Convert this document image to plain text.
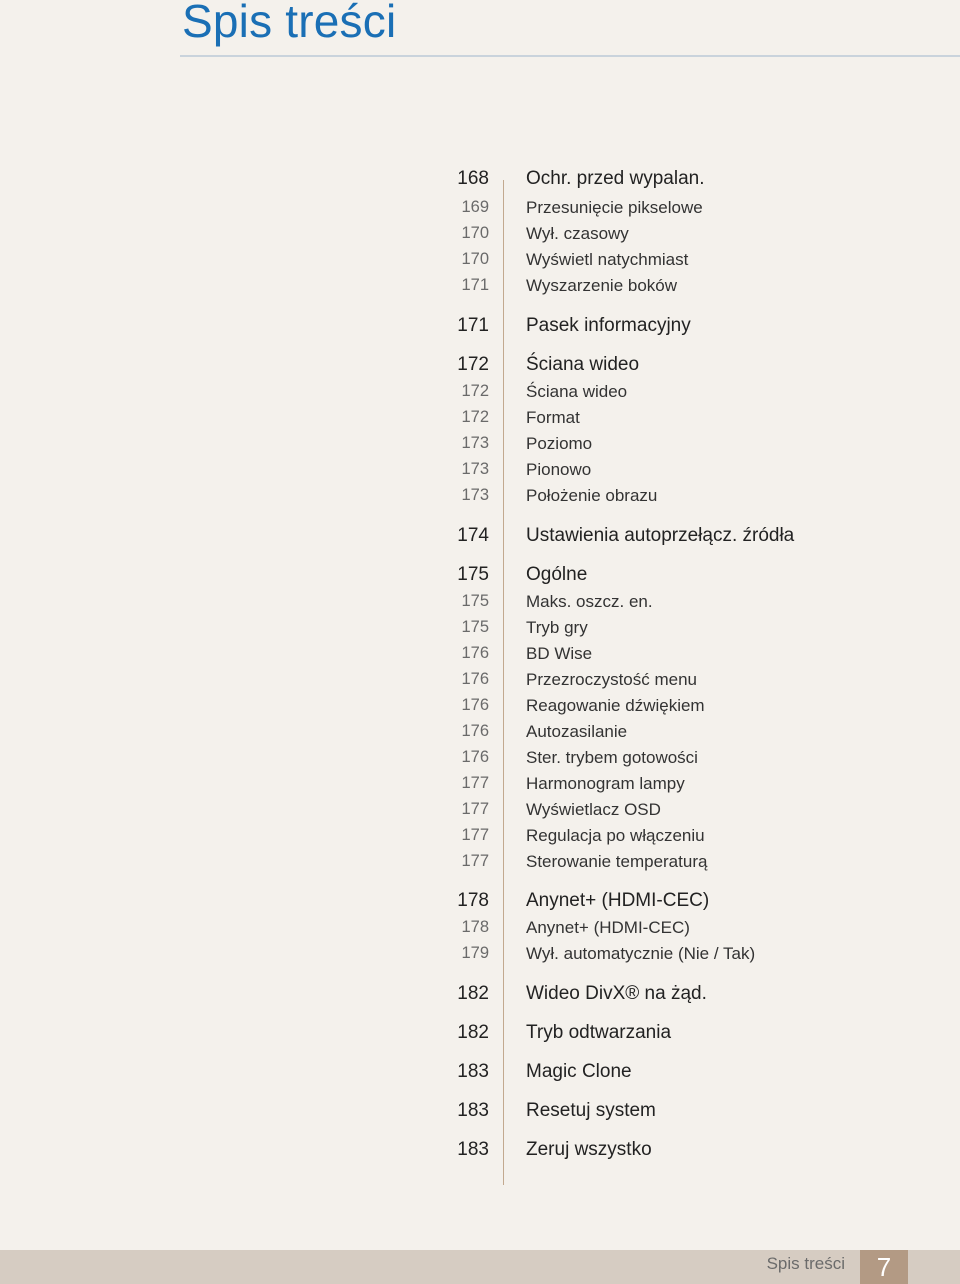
Spis treści
168 Ochr. przed wypalan.
169 Przesunięcie pikselowe
170 Wył. czasowy
170 Wyświetl natychmiast
171 Wyszarzenie boków
171 Pasek informacyjny
172 Ściana wideo
172 Ściana wideo
172 Format
173 Poziomo
173 Pionowo
173 Położenie obrazu
174 Ustawienia autoprzełącz. źródła
175 Ogólne
175 Maks. oszcz. en.
175 Tryb gry
176 BD Wise
176 Przezroczystość menu
176 Reagowanie dźwiękiem
176 Autozasilanie
176 Ster. trybem gotowości
177 Harmonogram lampy
177 Wyświetlacz OSD
177 Regulacja po włączeniu
177 Sterowanie temperaturą
178 Anynet+ (HDMI-CEC)
178 Anynet+ (HDMI-CEC)
179 Wył. automatycznie (Nie / Tak)
182 Wideo DivX® na żąd.
182 Tryb odtwarzania
183 Magic Clone
183 Resetuj system
183 Zeruj wszystko
Spis treści	7
